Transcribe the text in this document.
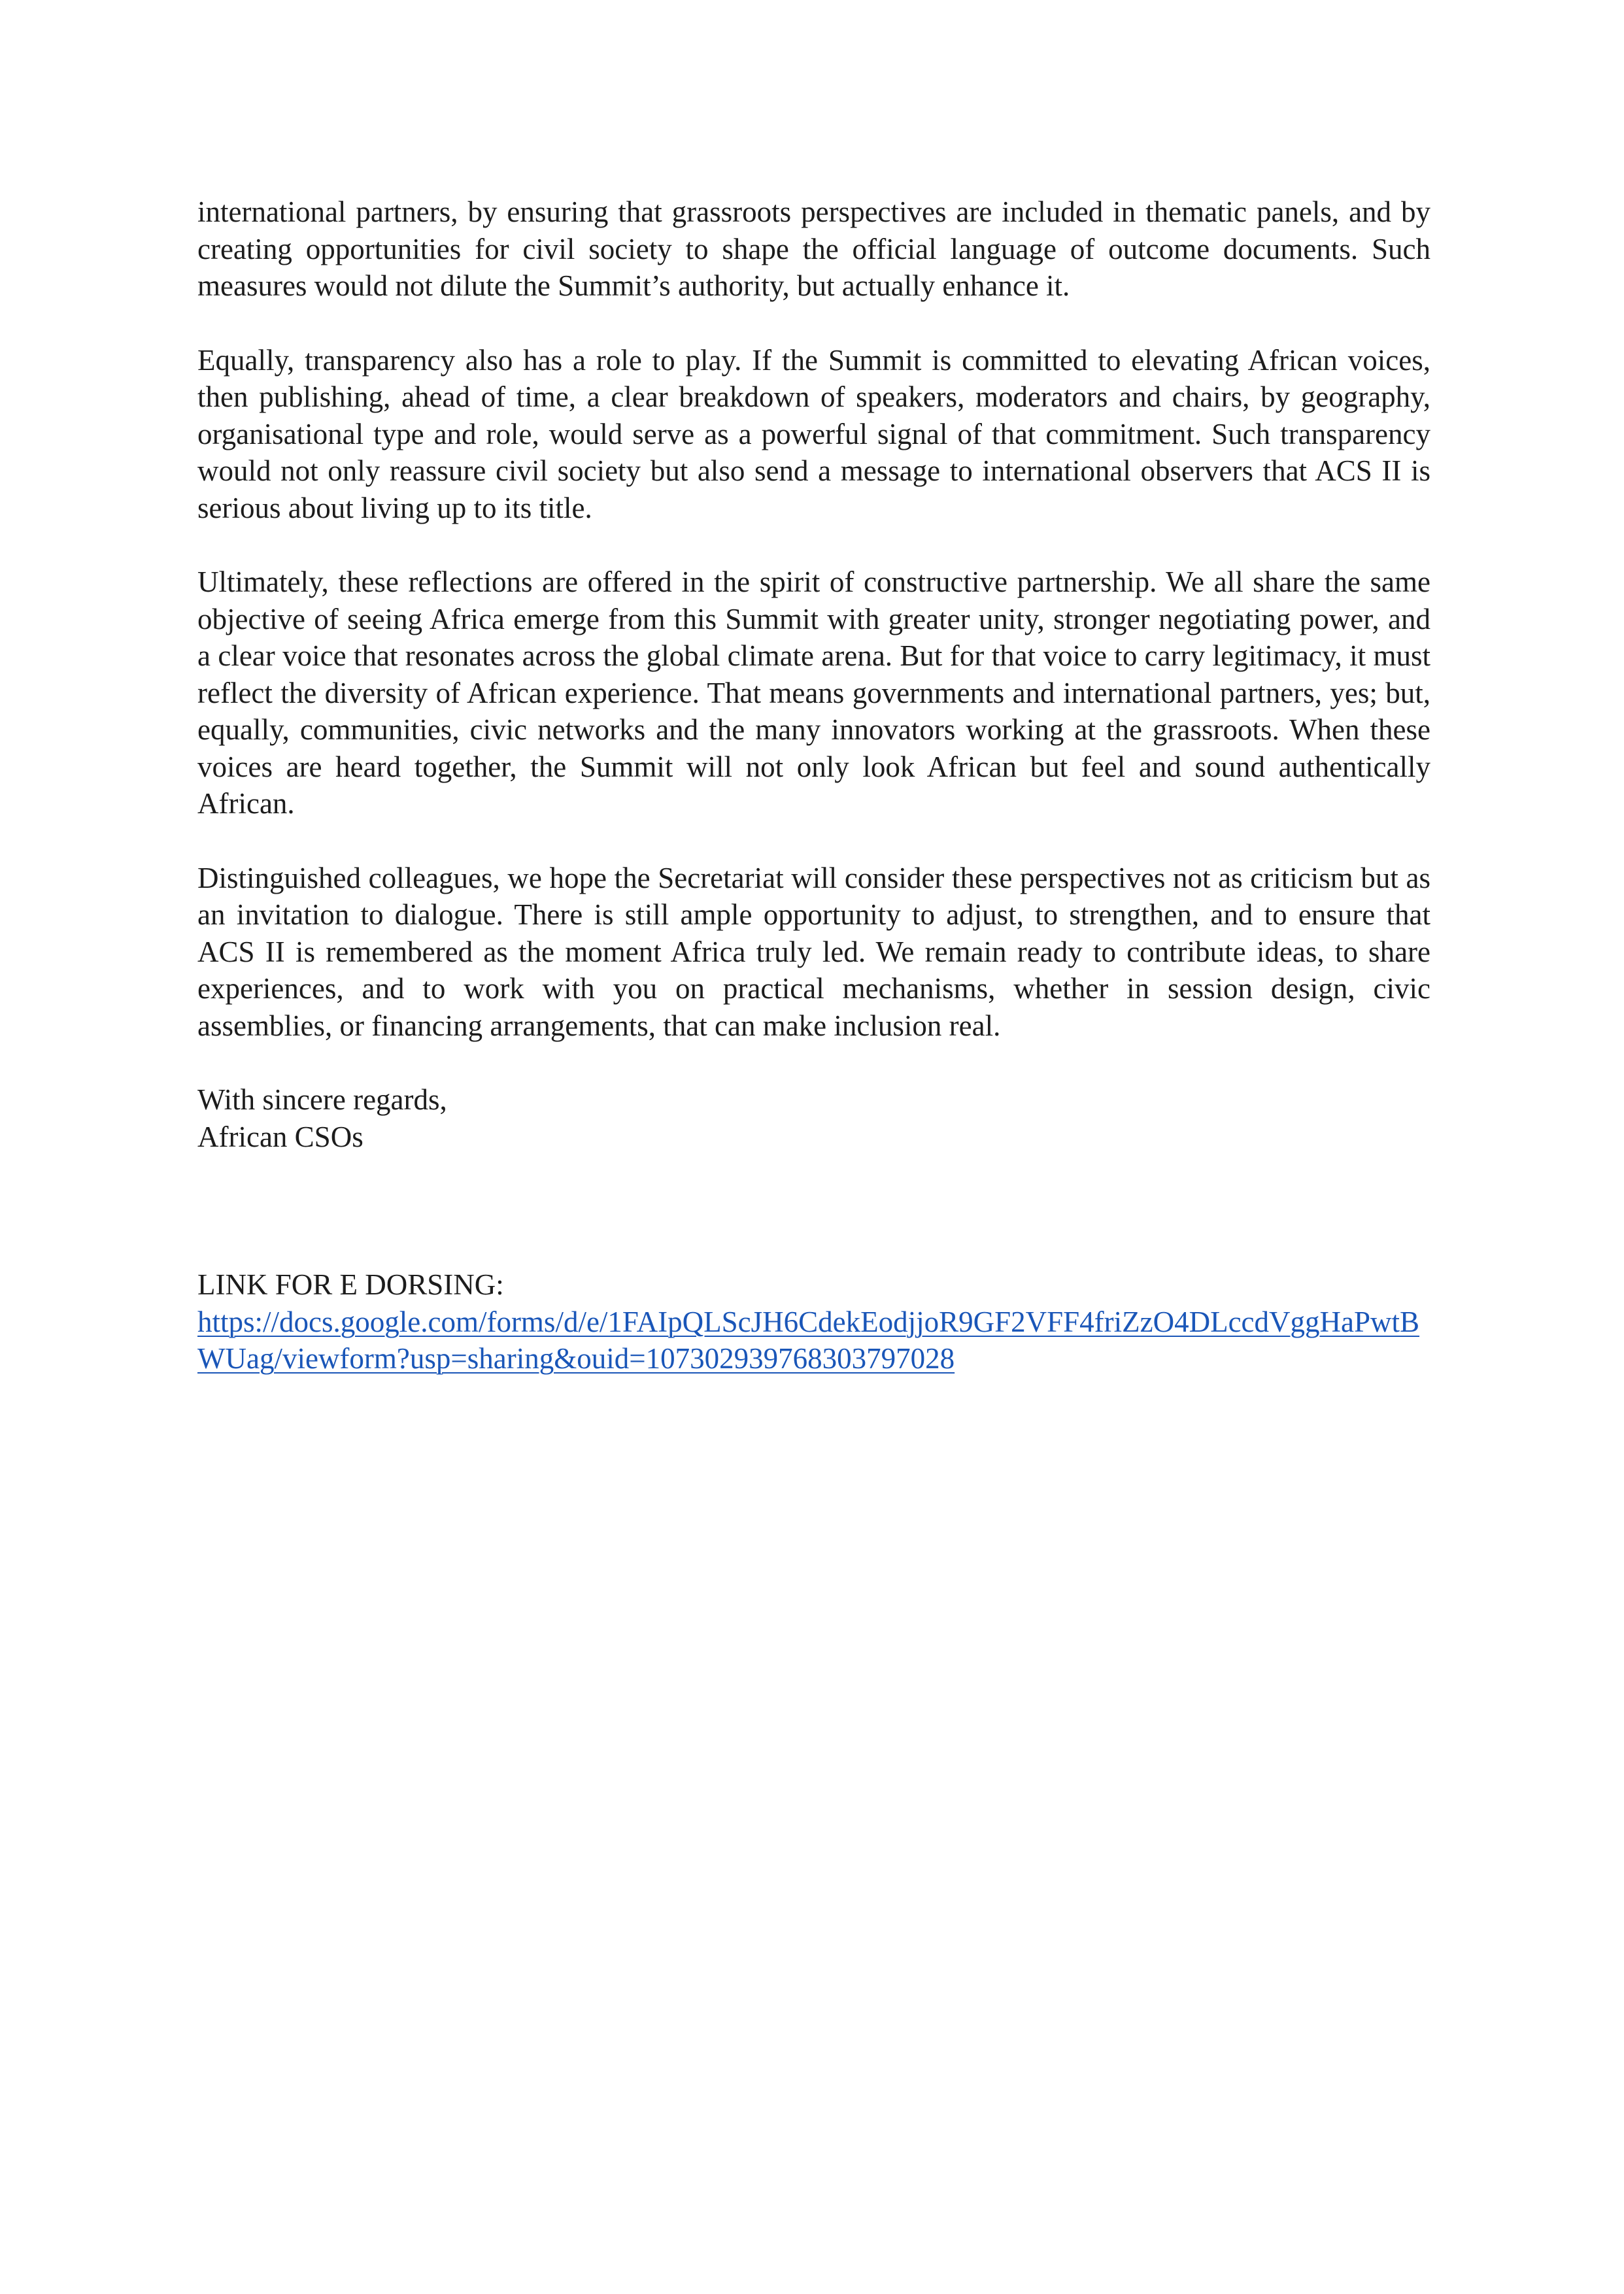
international partners, by ensuring that grassroots perspectives are included in thematic panels, and by creating opportunities for civil society to shape the official language of outcome documents. Such measures would not dilute the Summit’s authority, but actually enhance it.

Equally, transparency also has a role to play. If the Summit is committed to elevating African voices, then publishing, ahead of time, a clear breakdown of speakers, moderators and chairs, by geography, organisational type and role, would serve as a powerful signal of that commitment. Such transparency would not only reassure civil society but also send a message to international observers that ACS II is serious about living up to its title.

Ultimately, these reflections are offered in the spirit of constructive partnership. We all share the same objective of seeing Africa emerge from this Summit with greater unity, stronger negotiating power, and a clear voice that resonates across the global climate arena. But for that voice to carry legitimacy, it must reflect the diversity of African experience. That means governments and international partners, yes; but, equally, communities, civic networks and the many innovators working at the grassroots. When these voices are heard together, the Summit will not only look African but feel and sound authentically African.

Distinguished colleagues, we hope the Secretariat will consider these perspectives not as criticism but as an invitation to dialogue. There is still ample opportunity to adjust, to strengthen, and to ensure that ACS II is remembered as the moment Africa truly led. We remain ready to contribute ideas, to share experiences, and to work with you on practical mechanisms, whether in session design, civic assemblies, or financing arrangements, that can make inclusion real.

With sincere regards,
African CSOs
LINK FOR E DORSING:
https://docs.google.com/forms/d/e/1FAIpQLScJH6CdekEodjjoR9GF2VFF4friZzO4DLccdVggHaPwtBWUag/viewform?usp=sharing&ouid=107302939768303797028
